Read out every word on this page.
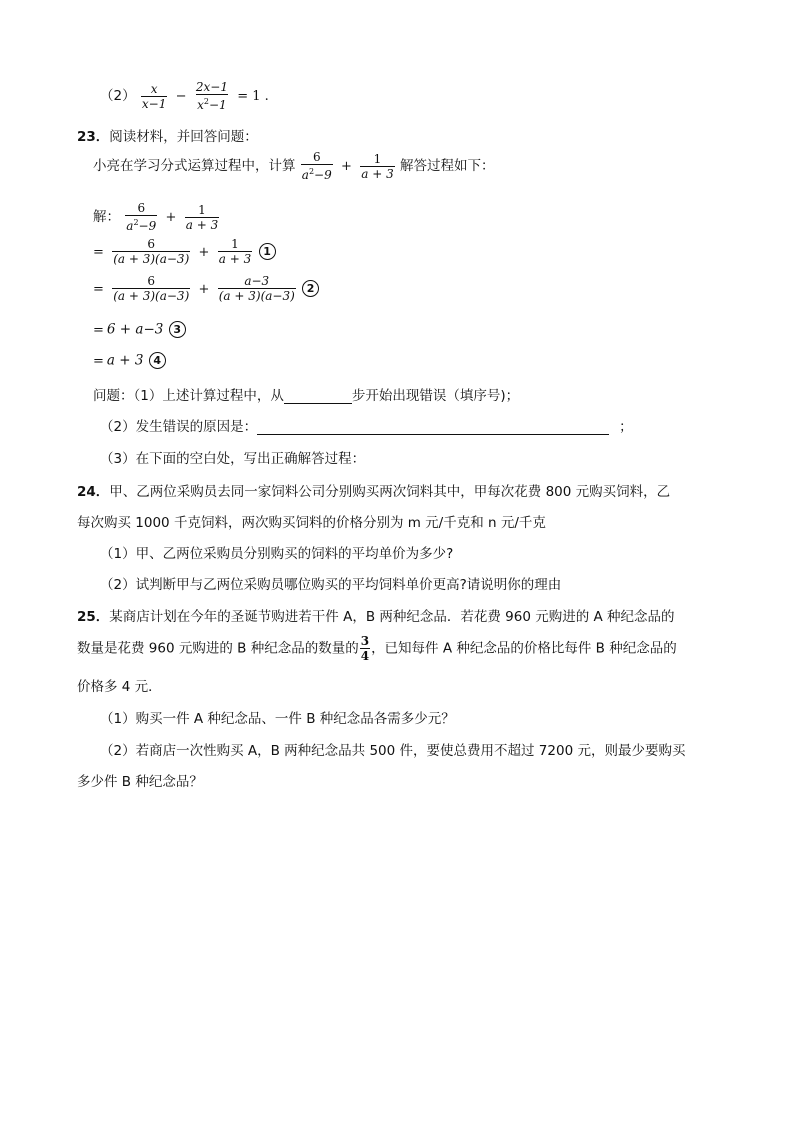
$(2) \frac{x}{x-1} - \frac{2x-1}{x^2-1} = 1$ .
23．阅读材料，并回答问题：
小亮在学习分式运算过程中，计算 $\frac{6}{a^2-9} + \frac{1}{a + 3}$ 解答过程如下：
解： $\frac{6}{a^2-9} + \frac{1}{a + 3}$
= $\frac{6}{(a + 3)(a-3)} + \frac{1}{a + 3} 1$
= $\frac{6}{(a + 3)(a-3)} + \frac{a-3}{(a + 3)(a-3)} 2$
= 6 + a−3 3
= a + 3 4
问题：（1）上述计算过程中，从	步开始出现错误（填序号)；
（2）发生错误的原因是：	；
（3）在下面的空白处，写出正确解答过程：
24．甲、乙两位采购员去同一家饲料公司分别购买两次饲料其中，甲每次花费 800 元购买饲料，乙
每次购买 1000 千克饲料，两次购买饲料的价格分别为 m 元/千克和 n 元/千克
（1）甲、乙两位采购员分别购买的饲料的平均单价为多少?
（2）试判断甲与乙两位采购员哪位购买的平均饲料单价更高?请说明你的理由
25．某商店计划在今年的圣诞节购进若干件 A，B 两种纪念品．若花费 960 元购进的 A 种纪念品的
数量是花费 960 元购进的 B 种纪念品的数量的 $\frac{3}{4}$ ，已知每件 A 种纪念品的价格比每件 B 种纪念品的
价格多 4 元．
（1）购买一件 A 种纪念品、一件 B 种纪念品各需多少元？
（2）若商店一次性购买 A，B 两种纪念品共 500 件，要使总费用不超过 7200 元，则最少要购买
多少件 B 种纪念品？
